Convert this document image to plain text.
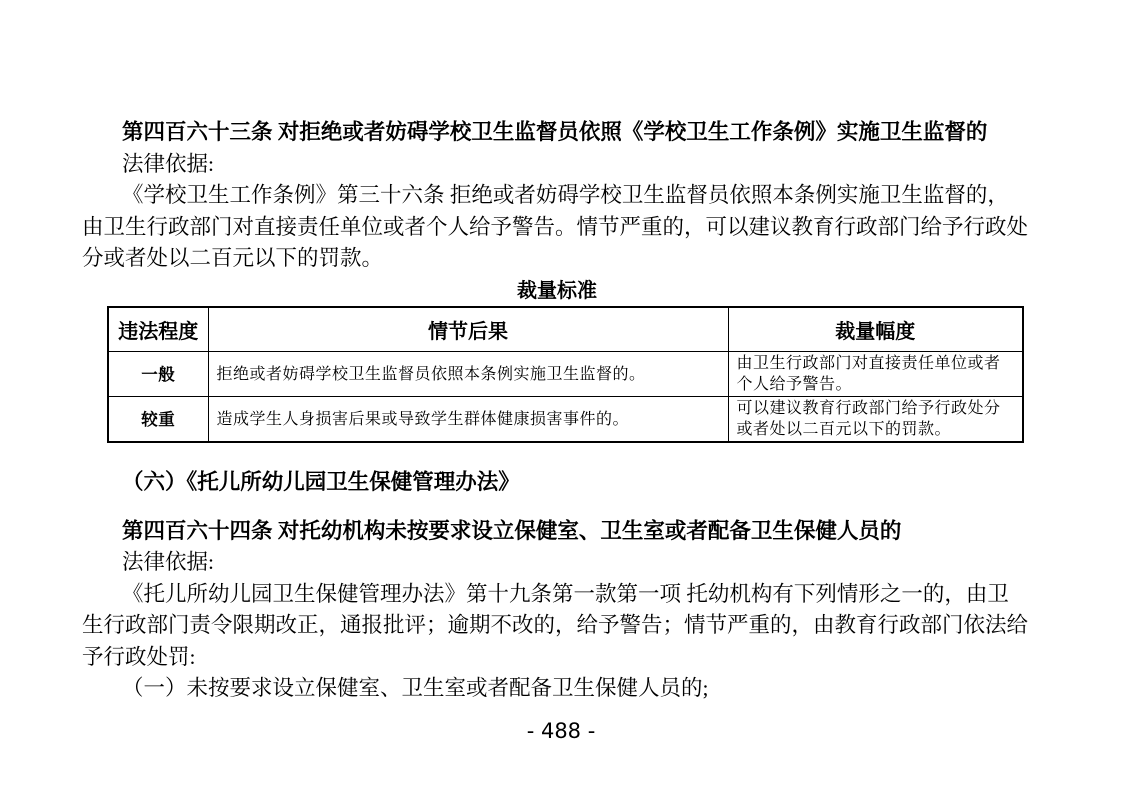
第四百六十三条 对拒绝或者妨碍学校卫生监督员依照《学校卫生工作条例》实施卫生监督的
法律依据:
《学校卫生工作条例》第三十六条 拒绝或者妨碍学校卫生监督员依照本条例实施卫生监督的，
由卫生行政部门对直接责任单位或者个人给予警告。情节严重的，可以建议教育行政部门给予行政处
分或者处以二百元以下的罚款。
裁量标准
违法程度	情节后果	裁量幅度
一般	拒绝或者妨碍学校卫生监督员依照本条例实施卫生监督的。	由卫生行政部门对直接责任单位或者个人给予警告。
较重	造成学生人身损害后果或导致学生群体健康损害事件的。	可以建议教育行政部门给予行政处分或者处以二百元以下的罚款。
（六）《托儿所幼儿园卫生保健管理办法》
第四百六十四条 对托幼机构未按要求设立保健室、卫生室或者配备卫生保健人员的
法律依据:
《托儿所幼儿园卫生保健管理办法》第十九条第一款第一项 托幼机构有下列情形之一的，由卫
生行政部门责令限期改正，通报批评；逾期不改的，给予警告；情节严重的，由教育行政部门依法给
予行政处罚:
（一）未按要求设立保健室、卫生室或者配备卫生保健人员的;
- 488 -
